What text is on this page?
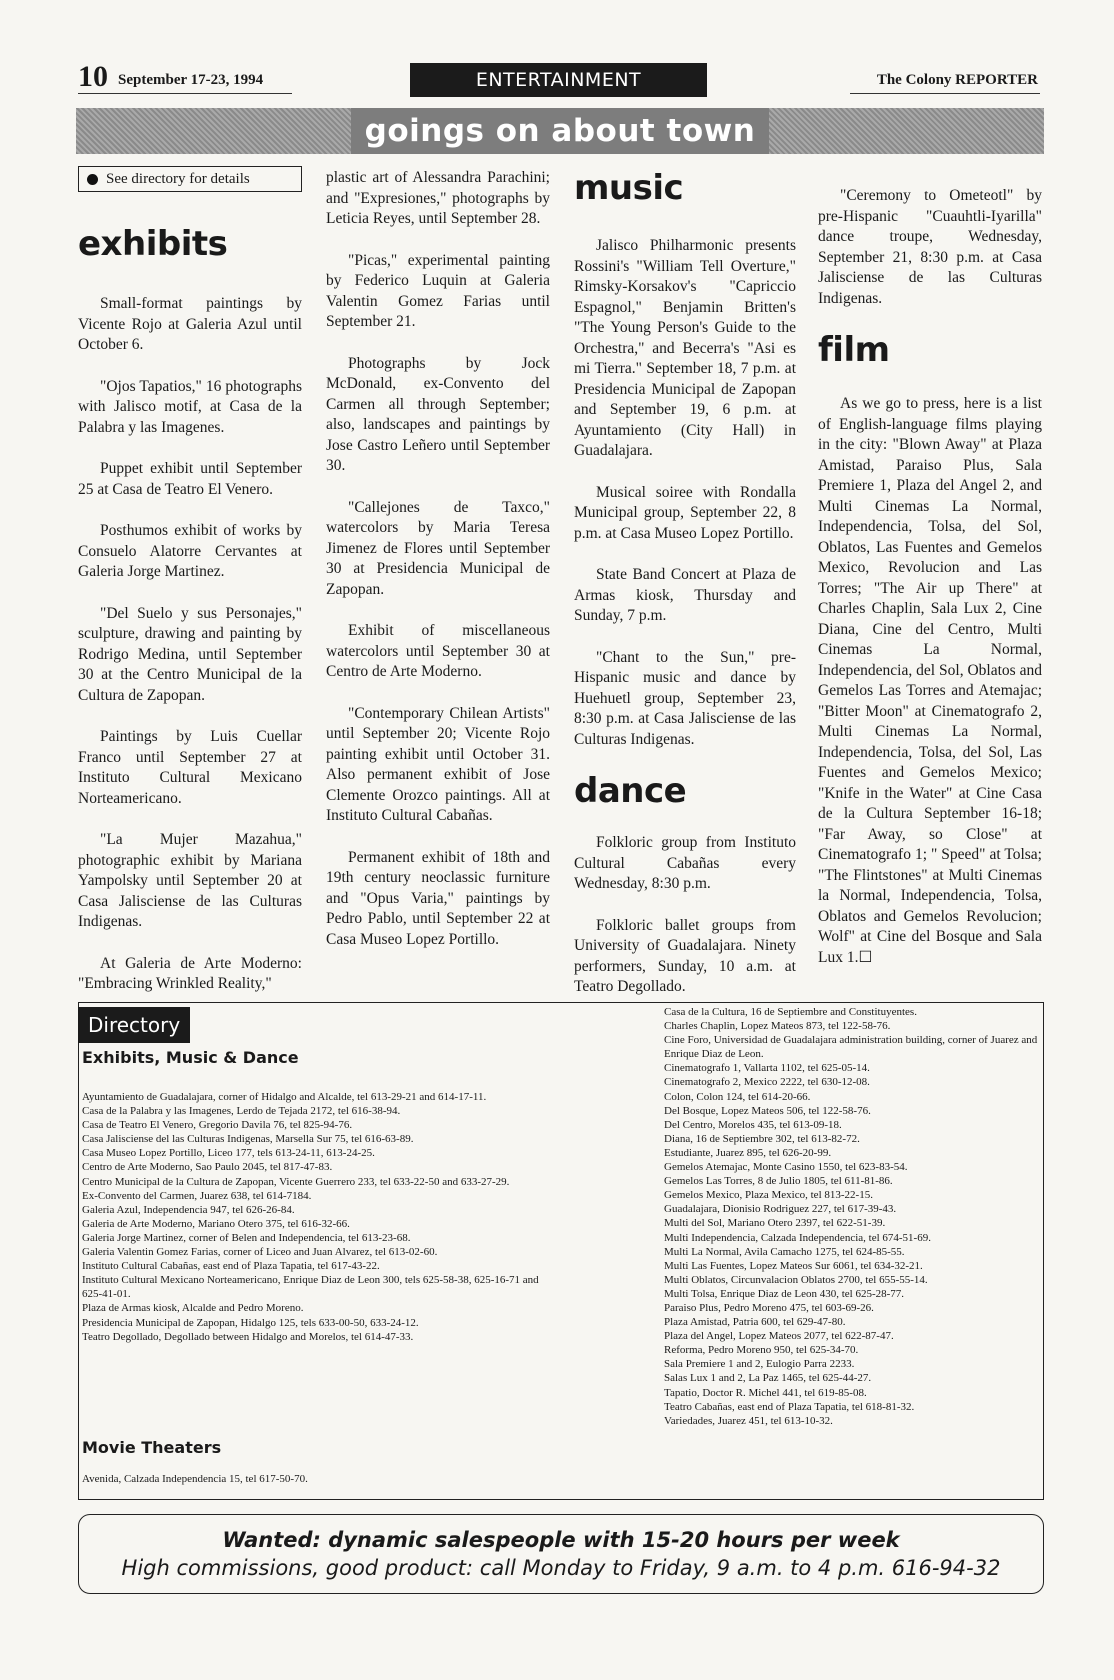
10 September 17-23, 1994	ENTERTAINMENT	The Colony REPORTER
goings on about town
See directory for details
exhibits

Small-format paintings by Vicente Rojo at Galeria Azul until October 6.

"Ojos Tapatios," 16 photographs with Jalisco motif, at Casa de la Palabra y las Imagenes.

Puppet exhibit until September 25 at Casa de Teatro El Venero.

Posthumos exhibit of works by Consuelo Alatorre Cervantes at Galeria Jorge Martinez.

"Del Suelo y sus Personajes," sculpture, drawing and painting by Rodrigo Medina, until September 30 at the Centro Municipal de la Cultura de Zapopan.

Paintings by Luis Cuellar Franco until September 27 at Instituto Cultural Mexicano Norteamericano.

"La Mujer Mazahua," photographic exhibit by Mariana Yampolsky until September 20 at Casa Jalisciense de las Culturas Indigenas.

At Galeria de Arte Moderno: "Embracing Wrinkled Reality,"

plastic art of Alessandra Parachini; and "Expresiones," photographs by Leticia Reyes, until September 28.

"Picas," experimental painting by Federico Luquin at Galeria Valentin Gomez Farias until September 21.

Photographs by Jock McDonald, ex-Convento del Carmen all through September; also, landscapes and paintings by Jose Castro Leñero until September 30.

"Callejones de Taxco," watercolors by Maria Teresa Jimenez de Flores until September 30 at Presidencia Municipal de Zapopan.

Exhibit of miscellaneous watercolors until September 30 at Centro de Arte Moderno.

"Contemporary Chilean Artists" until September 20; Vicente Rojo painting exhibit until October 31. Also permanent exhibit of Jose Clemente Orozco paintings. All at Instituto Cultural Cabañas.

Permanent exhibit of 18th and 19th century neoclassic furniture and "Opus Varia," paintings by Pedro Pablo, until September 22 at Casa Museo Lopez Portillo.

music

Jalisco Philharmonic presents Rossini's "William Tell Overture," Rimsky-Korsakov's "Capriccio Espagnol," Benjamin Britten's "The Young Person's Guide to the Orchestra," and Becerra's "Asi es mi Tierra." September 18, 7 p.m. at Presidencia Municipal de Zapopan and September 19, 6 p.m. at Ayuntamiento (City Hall) in Guadalajara.

Musical soiree with Rondalla Municipal group, September 22, 8 p.m. at Casa Museo Lopez Portillo.

State Band Concert at Plaza de Armas kiosk, Thursday and Sunday, 7 p.m.

"Chant to the Sun," pre-Hispanic music and dance by Huehuetl group, September 23, 8:30 p.m. at Casa Jalisciense de las Culturas Indigenas.

dance

Folkloric group from Instituto Cultural Cabañas every Wednesday, 8:30 p.m.

Folkloric ballet groups from University of Guadalajara. Ninety performers, Sunday, 10 a.m. at Teatro Degollado.

"Ceremony to Ometeotl" by pre-Hispanic "Cuauhtli-Iyarilla" dance troupe, Wednesday, September 21, 8:30 p.m. at Casa Jalisciense de las Culturas Indigenas.

film

As we go to press, here is a list of English-language films playing in the city: "Blown Away" at Plaza Amistad, Paraiso Plus, Sala Premiere 1, Plaza del Angel 2, and Multi Cinemas La Normal, Independencia, Tolsa, del Sol, Oblatos, Las Fuentes and Gemelos Mexico, Revolucion and Las Torres; "The Air up There" at Charles Chaplin, Sala Lux 2, Cine Diana, Cine del Centro, Multi Cinemas La Normal, Independencia, del Sol, Oblatos and Gemelos Las Torres and Atemajac; "Bitter Moon" at Cinematografo 2, Multi Cinemas La Normal, Independencia, Tolsa, del Sol, Las Fuentes and Gemelos Mexico; "Knife in the Water" at Cine Casa de la Cultura September 16-18; "Far Away, so Close" at Cinematografo 1; " Speed" at Tolsa; "The Flintstones" at Multi Cinemas la Normal, Independencia, Tolsa, Oblatos and Gemelos Revolucion; Wolf" at Cine del Bosque and Sala Lux 1.☐

Directory
Exhibits, Music & Dance
Ayuntamiento de Guadalajara, corner of Hidalgo and Alcalde, tel 613-29-21 and 614-17-11.
Casa de la Palabra y las Imagenes, Lerdo de Tejada 2172, tel 616-38-94.
Casa de Teatro El Venero, Gregorio Davila 76, tel 825-94-76.
Casa Jalisciense del las Culturas Indigenas, Marsella Sur 75, tel 616-63-89.
Casa Museo Lopez Portillo, Liceo 177, tels 613-24-11, 613-24-25.
Centro de Arte Moderno, Sao Paulo 2045, tel 817-47-83.
Centro Municipal de la Cultura de Zapopan, Vicente Guerrero 233, tel 633-22-50 and 633-27-29.
Ex-Convento del Carmen, Juarez 638, tel 614-7184.
Galeria Azul, Independencia 947, tel 626-26-84.
Galeria de Arte Moderno, Mariano Otero 375, tel 616-32-66.
Galeria Jorge Martinez, corner of Belen and Independencia, tel 613-23-68.
Galeria Valentin Gomez Farias, corner of Liceo and Juan Alvarez, tel 613-02-60.
Instituto Cultural Cabañas, east end of Plaza Tapatia, tel 617-43-22.
Instituto Cultural Mexicano Norteamericano, Enrique Diaz de Leon 300, tels 625-58-38, 625-16-71 and 625-41-01.
Plaza de Armas kiosk, Alcalde and Pedro Moreno.
Presidencia Municipal de Zapopan, Hidalgo 125, tels 633-00-50, 633-24-12.
Teatro Degollado, Degollado between Hidalgo and Morelos, tel 614-47-33.
Movie Theaters
Avenida, Calzada Independencia 15, tel 617-50-70.
Casa de la Cultura, 16 de Septiembre and Constituyentes.
Charles Chaplin, Lopez Mateos 873, tel 122-58-76.
Cine Foro, Universidad de Guadalajara administration building, corner of Juarez and Enrique Diaz de Leon.
Cinematografo 1, Vallarta 1102, tel 625-05-14.
Cinematografo 2, Mexico 2222, tel 630-12-08.
Colon, Colon 124, tel 614-20-66.
Del Bosque, Lopez Mateos 506, tel 122-58-76.
Del Centro, Morelos 435, tel 613-09-18.
Diana, 16 de Septiembre 302, tel 613-82-72.
Estudiante, Juarez 895, tel 626-20-99.
Gemelos Atemajac, Monte Casino 1550, tel 623-83-54.
Gemelos Las Torres, 8 de Julio 1805, tel 611-81-86.
Gemelos Mexico, Plaza Mexico, tel 813-22-15.
Guadalajara, Dionisio Rodriguez 227, tel 617-39-43.
Multi del Sol, Mariano Otero 2397, tel 622-51-39.
Multi Independencia, Calzada Independencia, tel 674-51-69.
Multi La Normal, Avila Camacho 1275, tel 624-85-55.
Multi Las Fuentes, Lopez Mateos Sur 6061, tel 634-32-21.
Multi Oblatos, Circunvalacion Oblatos 2700, tel 655-55-14.
Multi Tolsa, Enrique Diaz de Leon 430, tel 625-28-77.
Paraiso Plus, Pedro Moreno 475, tel 603-69-26.
Plaza Amistad, Patria 600, tel 629-47-80.
Plaza del Angel, Lopez Mateos 2077, tel 622-87-47.
Reforma, Pedro Moreno 950, tel 625-34-70.
Sala Premiere 1 and 2, Eulogio Parra 2233.
Salas Lux 1 and 2, La Paz 1465, tel 625-44-27.
Tapatio, Doctor R. Michel 441, tel 619-85-08.
Teatro Cabañas, east end of Plaza Tapatia, tel 618-81-32.
Variedades, Juarez 451, tel 613-10-32.
Wanted: dynamic salespeople with 15-20 hours per week
High commissions, good product: call Monday to Friday, 9 a.m. to 4 p.m. 616-94-32
